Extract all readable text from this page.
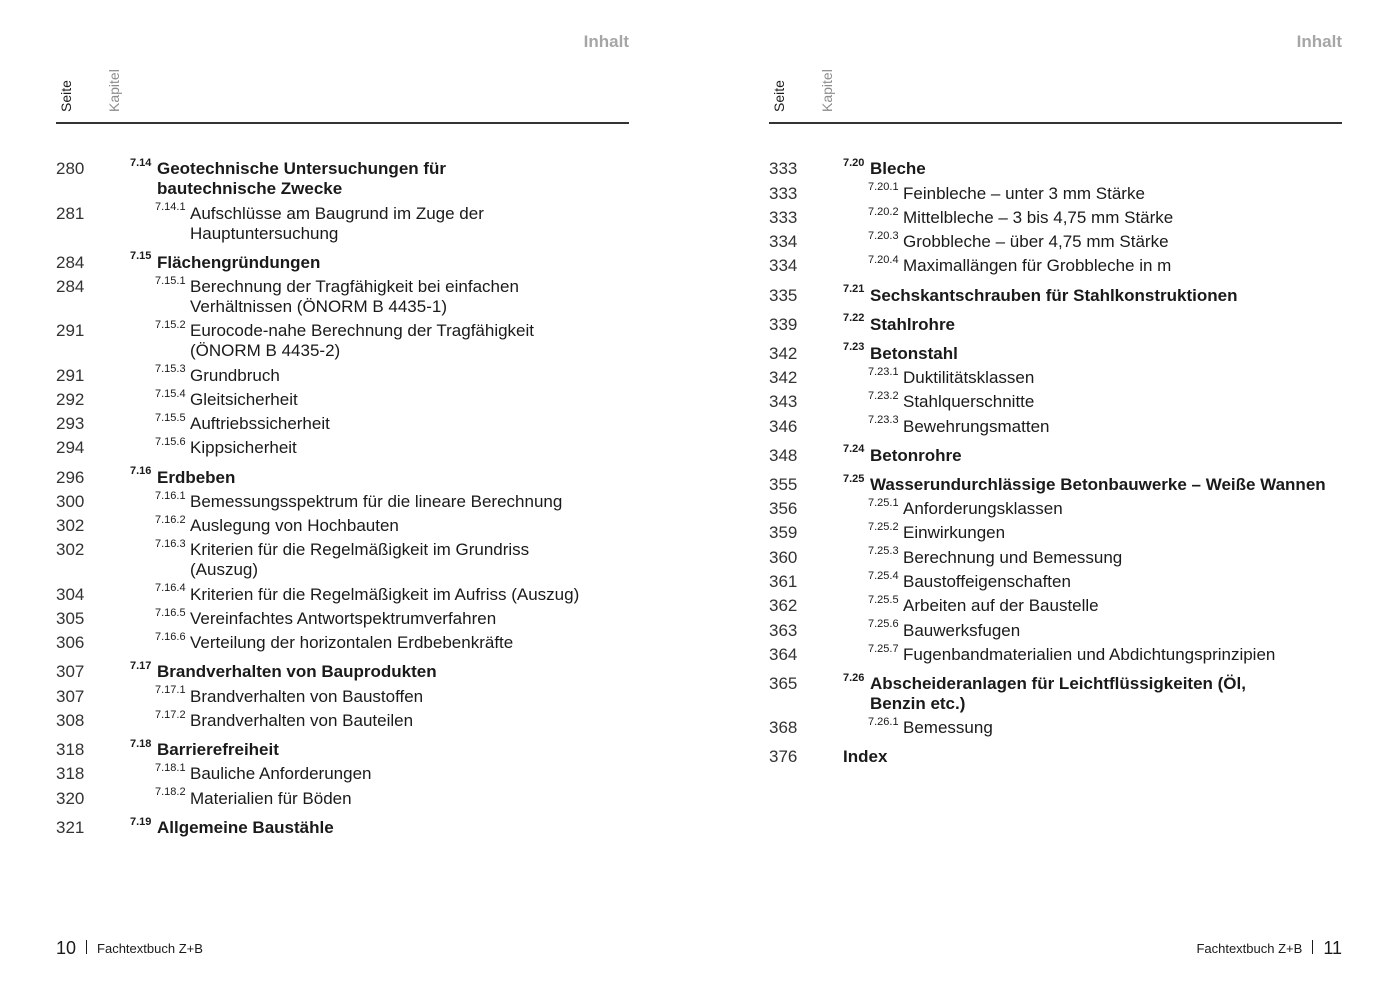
Inhalt
Seite Kapitel
280	7.14 Geotechnische Untersuchungen für bautechnische Zwecke
281	7.14.1 Aufschlüsse am Baugrund im Zuge der Hauptuntersuchung
284	7.15 Flächengründungen
284	7.15.1 Berechnung der Tragfähigkeit bei einfachen Verhältnissen (ÖNORM B 4435-1)
291	7.15.2 Eurocode-nahe Berechnung der Tragfähigkeit (ÖNORM B 4435-2)
291	7.15.3 Grundbruch
292	7.15.4 Gleitsicherheit
293	7.15.5 Auftriebssicherheit
294	7.15.6 Kippsicherheit
296	7.16 Erdbeben
300	7.16.1 Bemessungsspektrum für die lineare Berechnung
302	7.16.2 Auslegung von Hochbauten
302	7.16.3 Kriterien für die Regelmäßigkeit im Grundriss (Auszug)
304	7.16.4 Kriterien für die Regelmäßigkeit im Aufriss (Auszug)
305	7.16.5 Vereinfachtes Antwortspektrumverfahren
306	7.16.6 Verteilung der horizontalen Erdbebenkräfte
307	7.17 Brandverhalten von Bauprodukten
307	7.17.1 Brandverhalten von Baustoffen
308	7.17.2 Brandverhalten von Bauteilen
318	7.18 Barrierefreiheit
318	7.18.1 Bauliche Anforderungen
320	7.18.2 Materialien für Böden
321	7.19 Allgemeine Baustähle
10 Fachtextbuch Z+B
Inhalt
Seite Kapitel
333	7.20 Bleche
333	7.20.1 Feinbleche – unter 3 mm Stärke
333	7.20.2 Mittelbleche – 3 bis 4,75 mm Stärke
334	7.20.3 Grobbleche – über 4,75 mm Stärke
334	7.20.4 Maximallängen für Grobbleche in m
335	7.21 Sechskantschrauben für Stahlkonstruktionen
339	7.22 Stahlrohre
342	7.23 Betonstahl
342	7.23.1 Duktilitätsklassen
343	7.23.2 Stahlquerschnitte
346	7.23.3 Bewehrungsmatten
348	7.24 Betonrohre
355	7.25 Wasserundurchlässige Betonbauwerke – Weiße Wannen
356	7.25.1 Anforderungsklassen
359	7.25.2 Einwirkungen
360	7.25.3 Berechnung und Bemessung
361	7.25.4 Baustoffeigenschaften
362	7.25.5 Arbeiten auf der Baustelle
363	7.25.6 Bauwerksfugen
364	7.25.7 Fugenbandmaterialien und Abdichtungsprinzipien
365	7.26 Abscheideranlagen für Leichtflüssigkeiten (Öl, Benzin etc.)
368	7.26.1 Bemessung
376	Index
Fachtextbuch Z+B 11
